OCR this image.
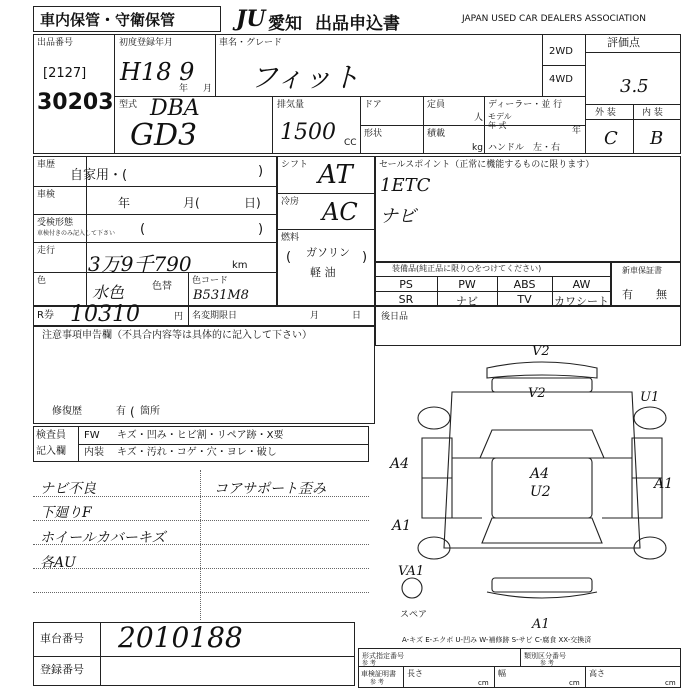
車内保管・守衛保管	JU 愛知 出品申込書	JAPAN USED CAR DEALERS ASSOCIATION
出品番号
[2127]
30203
初度登録年月
H18 9
年 月
車名・グレード
フィット
2WD
4WD
評価点
3.5
外 装	内 装
C B
型式 DBA
GD3
排気量
1500 CC
ドア	定員
人
ディーラー・並 行
モデル
年 式
年
形状	積載
kg ハンドル　左・右
車歴
自家用・(	)
車検
年	月(	日)
受検形態
車検付きのみ記入して下さい (	)
走行
3万9千790	km
色
水色	色替 色コード
B531M8
シフト AT
冷房 AC
燃料
( ガソリン
軽 油
)
セールスポイント（正常に機能するものに限ります）
1ETC
ナビ
装備品(純正品に限り○をつけてください)
PS	PW	ABS	AW
SR	ナビ	TV	カワシート
新車保証書
有 無
R券 10310	円 名変期限日	月	日
注意事項申告欄（不具合内容等は具体的に記入して下さい）
修復歴	有 箇所
(
後日品
検査員
記入欄
FW キズ・凹み・ヒビ割・リペア跡・X要
内装 キズ・汚れ・コゲ・穴・ヨレ・破し
ナビ不良
下廻りF
ホイールカバーキズ
各AU
コアサポート歪み
V2
V2	U1
A4
A1
A4
U2	A1
VA1
A1
スペア
A-キズ E-エクボ U-凹み W-補修跡 S-サビ C-腐食 XX-交換済
車台番号 2010188
登録番号
形式指定番号
参 考
類別区分番号
参 考
車検証明書
参 考
長さ
cm
幅
cm
高さ
cm
